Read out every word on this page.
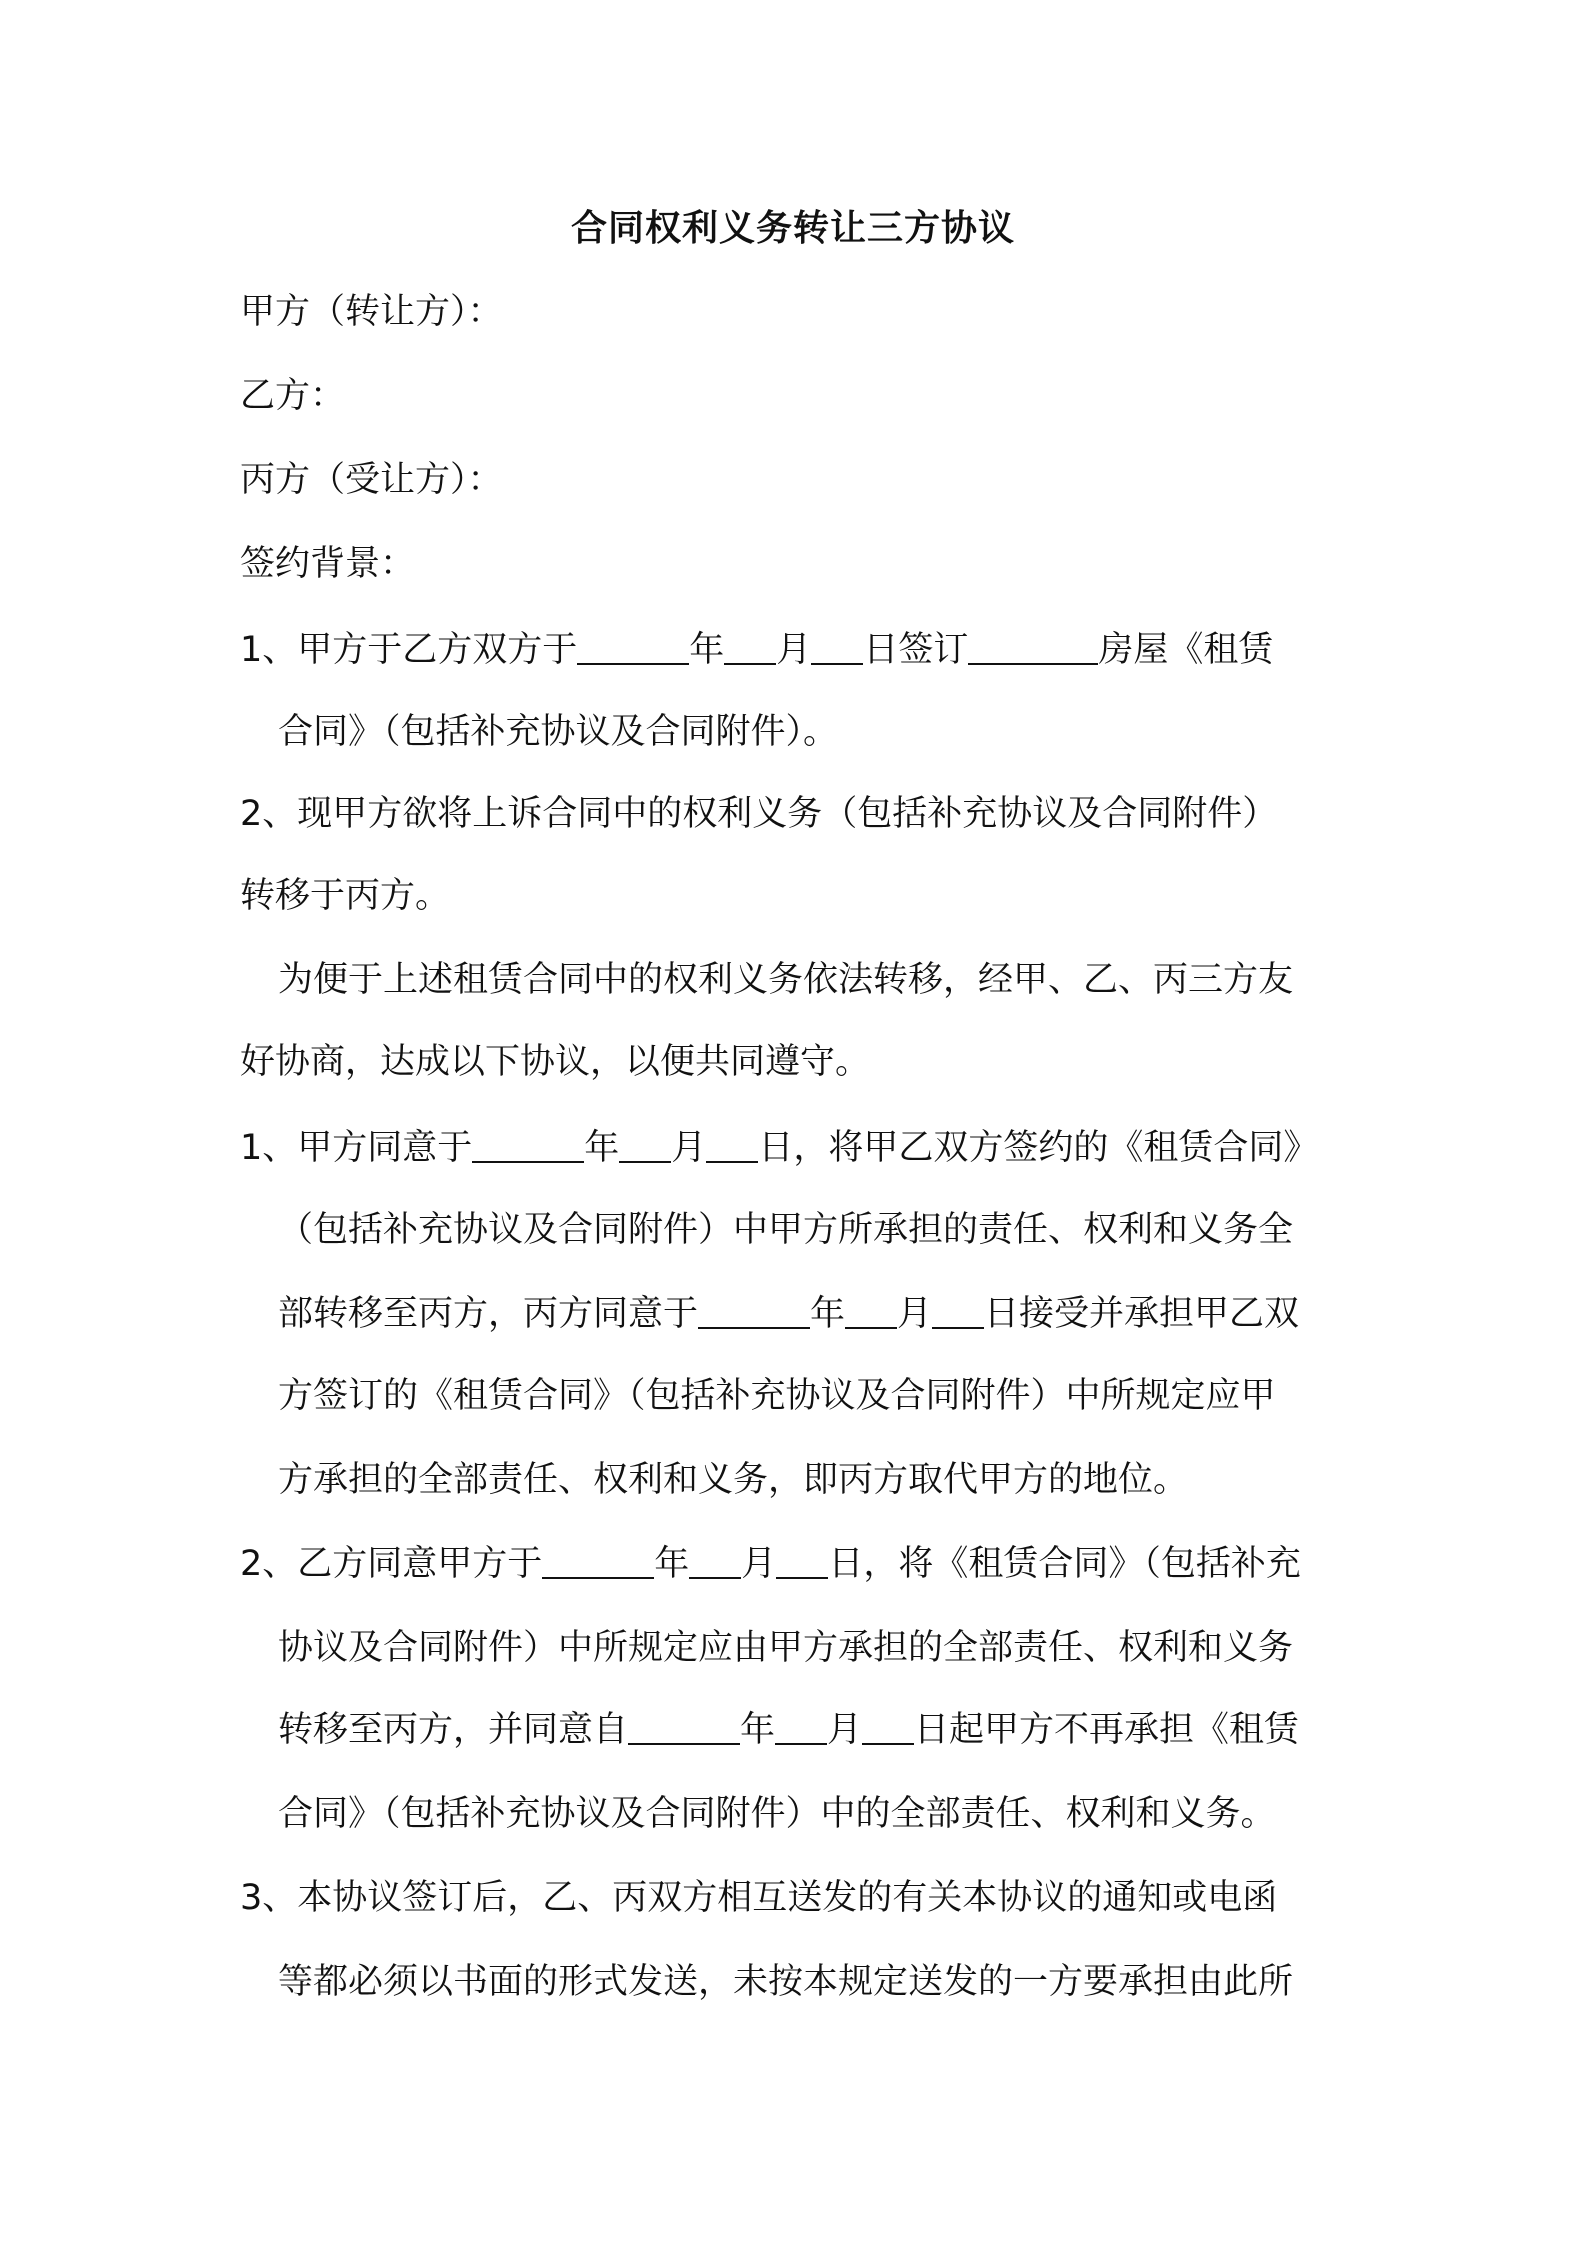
合同权利义务转让三方协议
甲方（转让方）：
乙方：
丙方（受让方）：
签约背景：
1、甲方于乙方双方于	年 月 日签订	房屋《租赁
合同》（包括补充协议及合同附件）。
2、现甲方欲将上诉合同中的权利义务（包括补充协议及合同附件）
转移于丙方。
为便于上述租赁合同中的权利义务依法转移，经甲、乙、丙三方友
好协商，达成以下协议，以便共同遵守。
1、甲方同意于	年 月 日，将甲乙双方签约的《租赁合同》
（包括补充协议及合同附件）中甲方所承担的责任、权利和义务全
部转移至丙方，丙方同意于	年 月 日接受并承担甲乙双
方签订的《租赁合同》（包括补充协议及合同附件）中所规定应甲
方承担的全部责任、权利和义务，即丙方取代甲方的地位。
2、乙方同意甲方于	年 月 日，将《租赁合同》（包括补充
协议及合同附件）中所规定应由甲方承担的全部责任、权利和义务
转移至丙方，并同意自	年 月 日起甲方不再承担《租赁
合同》（包括补充协议及合同附件）中的全部责任、权利和义务。
3、本协议签订后，乙、丙双方相互送发的有关本协议的通知或电函
等都必须以书面的形式发送，未按本规定送发的一方要承担由此所
